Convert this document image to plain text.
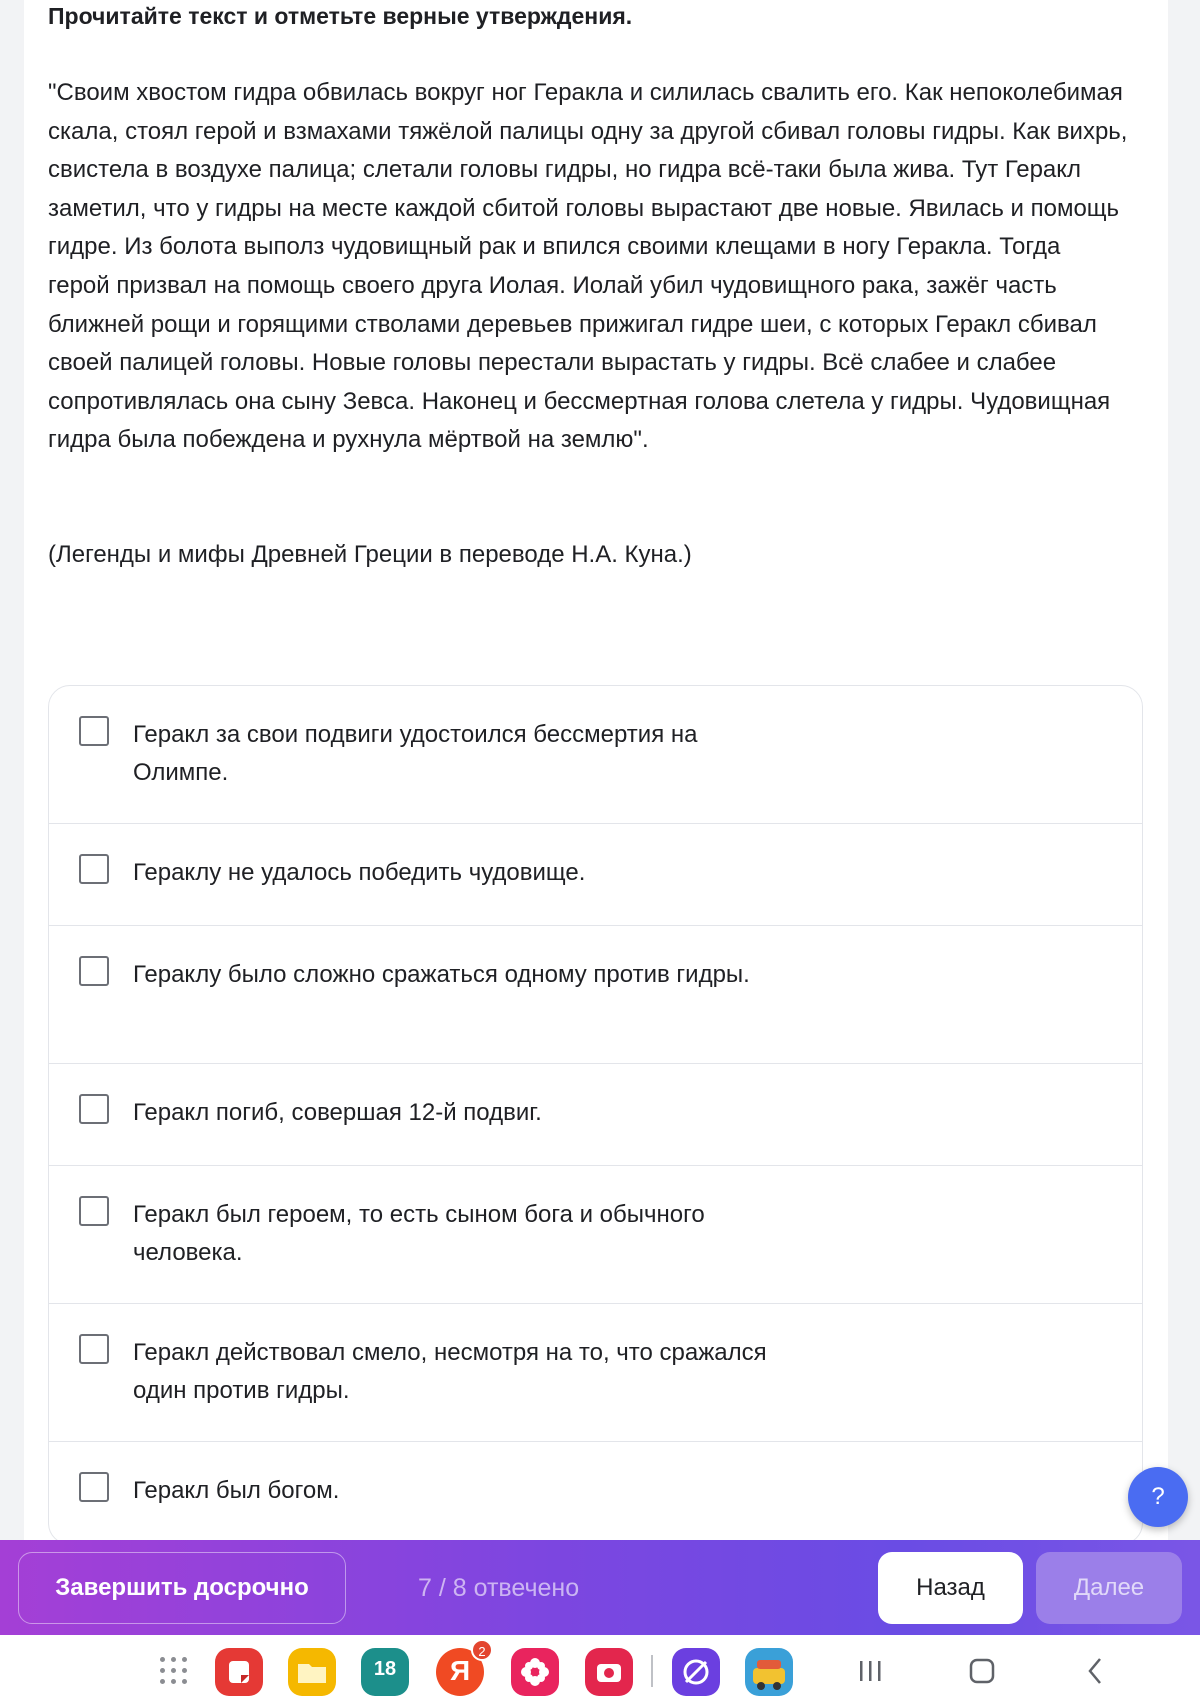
Прочитайте текст и отметьте верные утверждения.
"Своим хвостом гидра обвилась вокруг ног Геракла и силилась свалить его. Как непоколебимая скала, стоял герой и взмахами тяжёлой палицы одну за другой сбивал головы гидры. Как вихрь, свистела в воздухе палица; слетали головы гидры, но гидра всё-таки была жива. Тут Геракл заметил, что у гидры на месте каждой сбитой головы вырастают две новые. Явилась и помощь гидре. Из болота выполз чудовищный рак и впился своими клещами в ногу Геракла. Тогда герой призвал на помощь своего друга Иолая. Иолай убил чудовищного рака, зажёг часть ближней рощи и горящими стволами деревьев прижигал гидре шеи, с которых Геракл сбивал своей палицей головы. Новые головы перестали вырастать у гидры. Всё слабее и слабее сопротивлялась она сыну Зевса. Наконец и бессмертная голова слетела у гидры. Чудовищная гидра была побеждена и рухнула мёртвой на землю".
(Легенды и мифы Древней Греции в переводе Н.А. Куна.)
Геракл за свои подвиги удостоился бессмертия на Олимпе.
Гераклу не удалось победить чудовище.
Гераклу было сложно сражаться одному против гидры.
Геракл погиб, совершая 12-й подвиг.
Геракл был героем, то есть сыном бога и обычного человека.
Геракл действовал смело, несмотря на то, что сражался один против гидры.
Геракл был богом.	?
Завершить досрочно	7 / 8 отвечено	Назад	Далее
18	Я
2
